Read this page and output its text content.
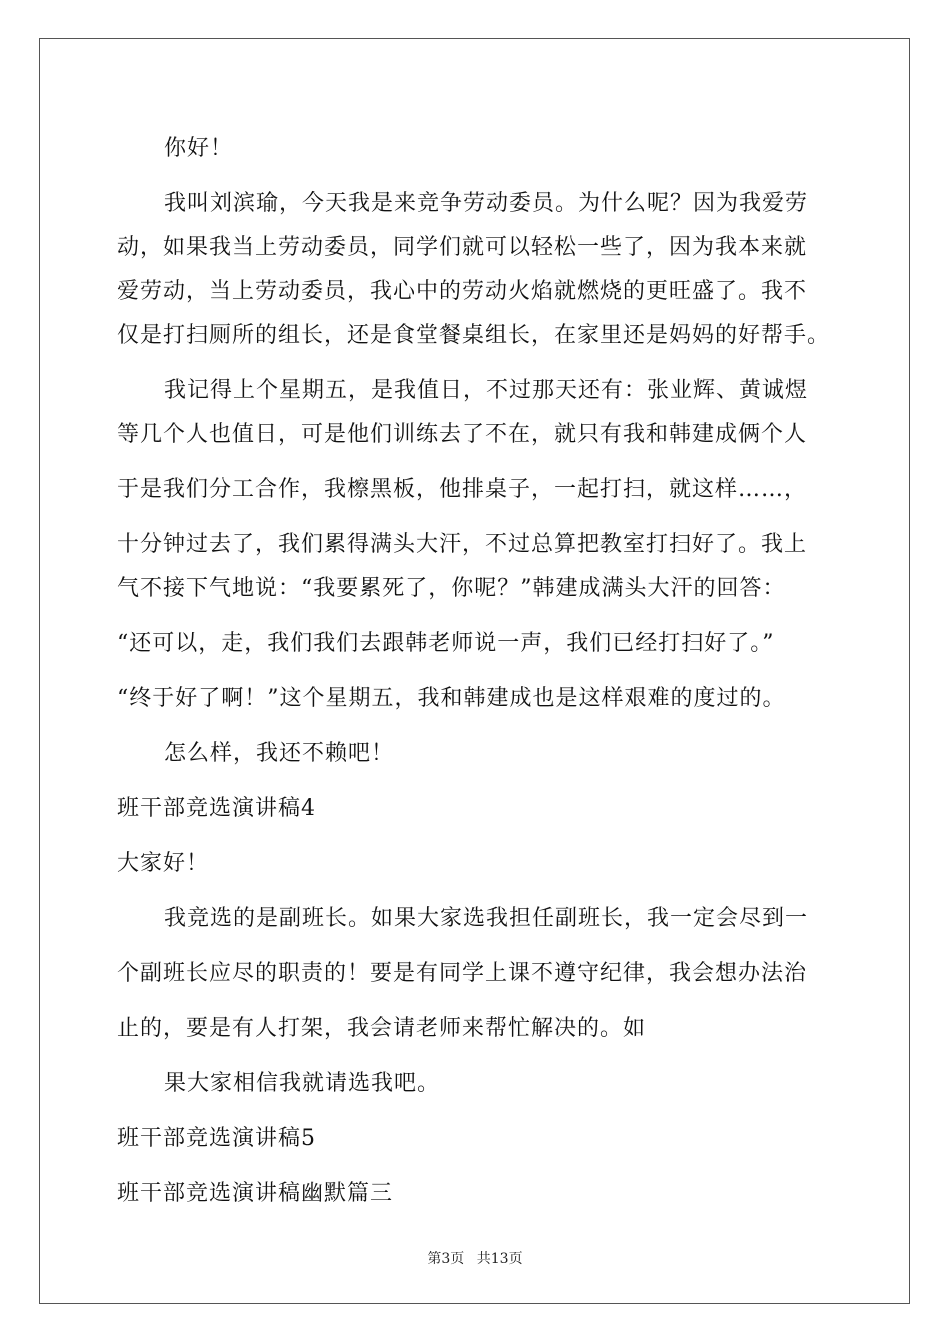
你好！

我叫刘滨瑜，今天我是来竞争劳动委员。为什么呢？因为我爱劳

动，如果我当上劳动委员，同学们就可以轻松一些了，因为我本来就

爱劳动，当上劳动委员，我心中的劳动火焰就燃烧的更旺盛了。我不

仅是打扫厕所的组长，还是食堂餐桌组长，在家里还是妈妈的好帮手。

我记得上个星期五，是我值日，不过那天还有：张业辉、黄诚煜

等几个人也值日，可是他们训练去了不在，就只有我和韩建成俩个人

于是我们分工合作，我檫黑板，他排桌子，一起打扫，就这样……，

十分钟过去了，我们累得满头大汗，不过总算把教室打扫好了。我上

气不接下气地说：“我要累死了，你呢？”韩建成满头大汗的回答：

“还可以，走，我们我们去跟韩老师说一声，我们已经打扫好了。”

“终于好了啊！”这个星期五，我和韩建成也是这样艰难的度过的。

怎么样，我还不赖吧！

班干部竞选演讲稿4

大家好！

我竞选的是副班长。如果大家选我担任副班长，我一定会尽到一

个副班长应尽的职责的！要是有同学上课不遵守纪律，我会想办法治

止的，要是有人打架，我会请老师来帮忙解决的。如

果大家相信我就请选我吧。

班干部竞选演讲稿5

班干部竞选演讲稿幽默篇三

第3页 共13页
